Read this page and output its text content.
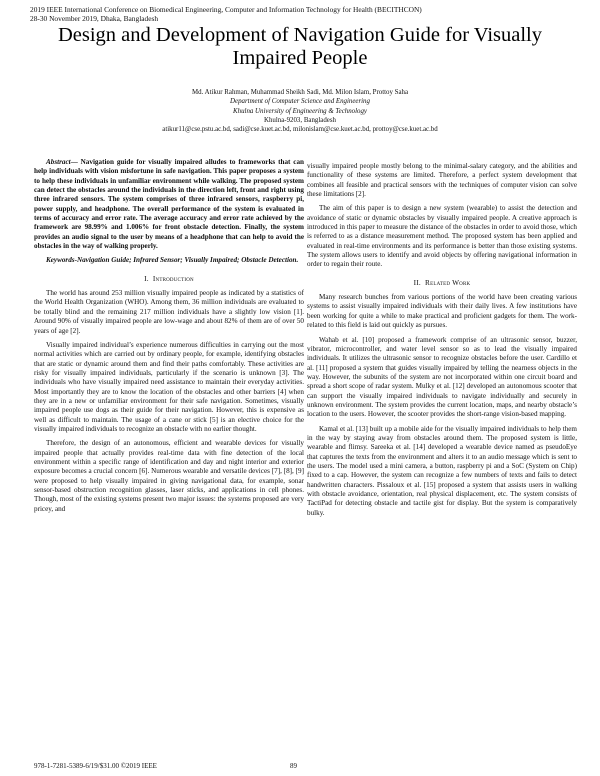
2019 IEEE International Conference on Biomedical Engineering, Computer and Information Technology for Health (BECITHCON)
28-30 November 2019, Dhaka, Bangladesh
Design and Development of Navigation Guide for Visually Impaired People
Md. Atikur Rahman, Muhammad Sheikh Sadi, Md. Milon Islam, Prottoy Saha
Department of Computer Science and Engineering
Khulna University of Engineering & Technology
Khulna-9203, Bangladesh
atikur11@cse.pstu.ac.bd, sadi@cse.kuet.ac.bd, milonislam@cse.kuet.ac.bd, prottoy@cse.kuet.ac.bd

Abstract— Navigation guide for visually impaired alludes to frameworks that can help individuals with vision misfortune in safe navigation. This paper proposes a system to help these individuals in unfamiliar environment while walking. The proposed system can detect the obstacles around the individuals in the direction left, front and right using three infrared sensors. The system comprises of three infrared sensors, raspberry pi, power supply, and headphone. The overall performance of the system is evaluated in terms of accuracy and error rate. The average accuracy and error rate achieved by the framework are 98.99% and 1.006% for front obstacle detection. Finally, the system provides an audio signal to the user by means of a headphone that can help to avoid the obstacles in the way of walking properly.

Keywords-Navigation Guide; Infrared Sensor; Visually Impaired; Obstacle Detection.

I. Introduction

The world has around 253 million visually impaired people as indicated by a statistics of the World Health Organization (WHO). Among them, 36 million individuals are evaluated to be totally blind and the remaining 217 million individuals have a slightly low vision [1]. Around 90% of visually impaired people are low-wage and about 82% of them are of over 50 years of age [2].

Visually impaired individual’s experience numerous difficulties in carrying out the most normal activities which are carried out by ordinary people, for example, identifying obstacles that are static or dynamic around them and find their paths comfortably. These activities are risky for visually impaired individuals, particularly if the scenario is unknown [3]. The individuals who have visually impaired need assistance to maintain their everyday activities. Most importantly they are to know the location of the obstacles and other barriers [4] when they are in a new or unfamiliar environment for their safe navigation. Sometimes, visually impaired people use dogs as their guide for their navigation. However, this is expensive as well as difficult to maintain. The usage of a cane or stick [5] is an elective choice for the visually impaired individuals to recognize an obstacle with no earlier thought.

Therefore, the design of an autonomous, efficient and wearable devices for visually impaired people that actually provides real-time data with fine detection of the local environment within a specific range of identification and day and night interior and exterior exposure becomes a crucial concern [6]. Numerous wearable and versatile devices [7], [8], [9] were proposed to help visually impaired in giving navigational data, for example, sonar sensor-based obstruction recognition glasses, laser sticks, and applications in cell phones. Though, most of the existing systems present two major issues: the systems proposed are very pricey, and

visually impaired people mostly belong to the minimal-salary category, and the abilities and functionality of these systems are limited. Therefore, a perfect system development that combines all feasible and practical sensors with the techniques of computer vision can solve these limitations [2].

The aim of this paper is to design a new system (wearable) to assist the detection and avoidance of static or dynamic obstacles by visually impaired people. A creative approach is introduced in this paper to measure the distance of the obstacles in order to avoid those, which is referred to as a distance measurement method. The proposed system has been applied and evaluated in real-time environments and its performance is better than those existing systems. The system allows users to identify and avoid objects by offering navigational information in order to regain their route.

II. Related Work

Many research bunches from various portions of the world have been creating various systems to assist visually impaired individuals with their daily lives. A few institutions have been working for quite a while to make practical and proficient gadgets for them. The work-related to this field is laid out quickly as pursues.

Wahab et al. [10] proposed a framework comprise of an ultrasonic sensor, buzzer, vibrator, microcontroller, and water level sensor so as to lead the visually impaired individuals. It utilizes the ultrasonic sensor to recognize obstacles before the user. Cardillo et al. [11] proposed a system that guides visually impaired by telling the nearness objects in the way. However, the subunits of the system are not incorporated within one circuit board and spread a short scope of radar system. Mulky et al. [12] developed an autonomous scooter that can support the visually impaired individuals to navigate individually and securely in unknown environment. The system provides the current location, maps, and nearby obstacle’s location to the users. However, the scooter provides the short-range vision-based mapping.

Kamal et al. [13] built up a mobile aide for the visually impaired individuals to help them in the way by staying away from obstacles around them. The proposed system is little, wearable and flimsy. Sareeka et al. [14] developed a wearable device named as pseudoEye that captures the texts from the environment and alters it to an audio message which is sent to the users. The model used a mini camera, a button, raspberry pi and a SoC (System on Chip) fixed to a cap. However, the system can recognize a few numbers of texts and fails to detect handwritten characters. Pissaloux et al. [15] proposed a system that assists users in walking with obstacle avoidance, orientation, real physical displacement, etc. The system consists of TactiPad for detecting obstacle and tactile gist for display. But the system is comparatively bulky.

978-1-7281-5389-6/19/$31.00 ©2019 IEEE	89
